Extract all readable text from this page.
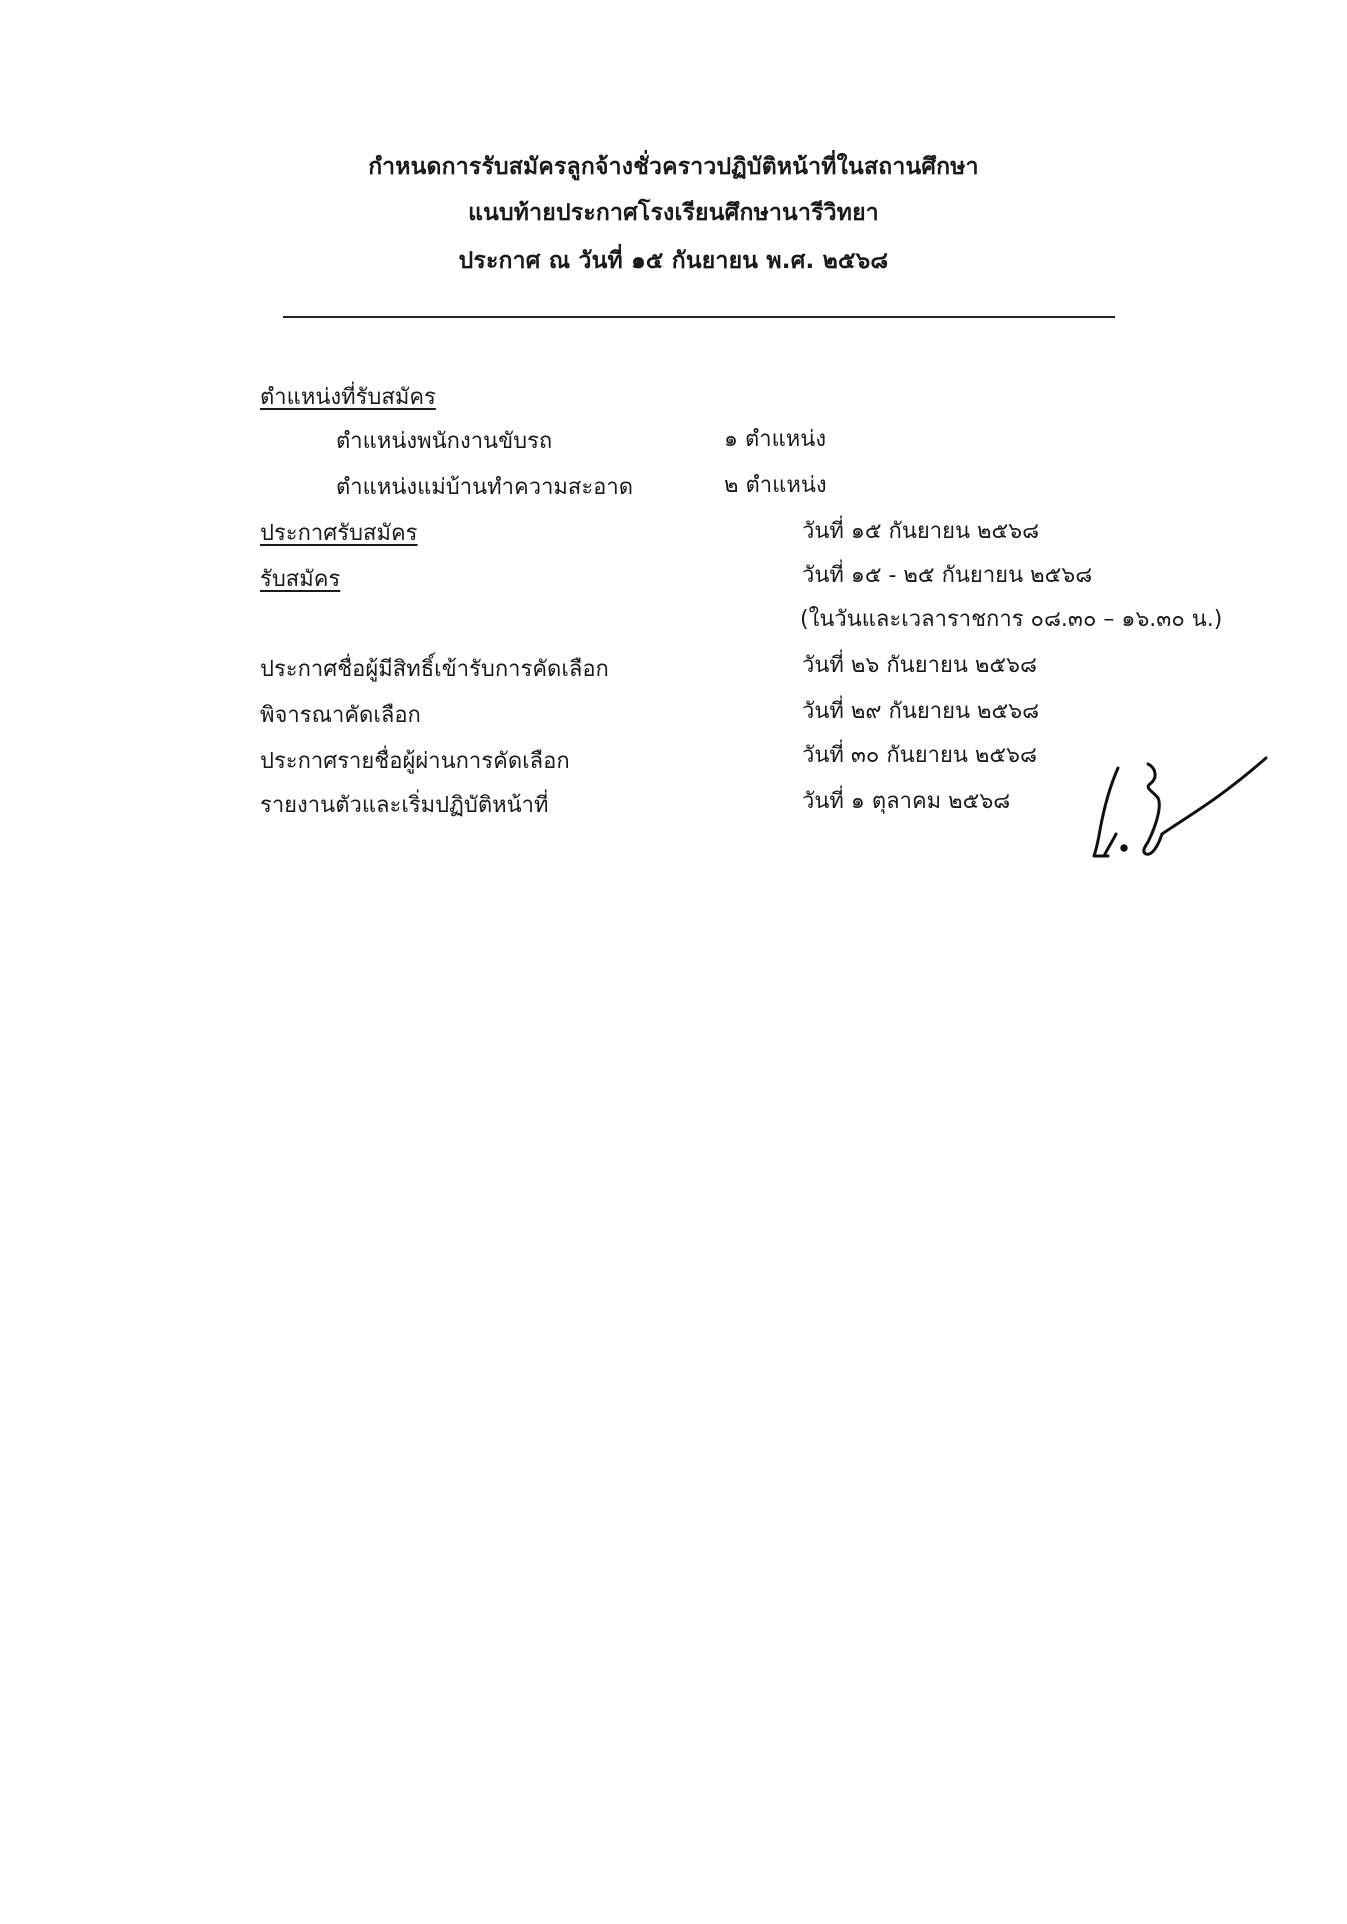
กำหนดการรับสมัครลูกจ้างชั่วคราวปฏิบัติหน้าที่ในสถานศึกษา
แนบท้ายประกาศโรงเรียนศึกษานารีวิทยา
ประกาศ ณ วันที่ ๑๕ กันยายน พ.ศ. ๒๕๖๘
ตำแหน่งที่รับสมัคร
ตำแหน่งพนักงานขับรถ	๑ ตำแหน่ง
ตำแหน่งแม่บ้านทำความสะอาด	๒ ตำแหน่ง
ประกาศรับสมัคร	วันที่ ๑๕ กันยายน ๒๕๖๘
รับสมัคร	วันที่ ๑๕ - ๒๕ กันยายน ๒๕๖๘
(ในวันและเวลาราชการ ๐๘.๓๐ – ๑๖.๓๐ น.)
ประกาศชื่อผู้มีสิทธิ์เข้ารับการคัดเลือก	วันที่ ๒๖ กันยายน ๒๕๖๘
พิจารณาคัดเลือก	วันที่ ๒๙ กันยายน ๒๕๖๘
ประกาศรายชื่อผู้ผ่านการคัดเลือก	วันที่ ๓๐ กันยายน ๒๕๖๘
รายงานตัวและเริ่มปฏิบัติหน้าที่	วันที่ ๑ ตุลาคม ๒๕๖๘
